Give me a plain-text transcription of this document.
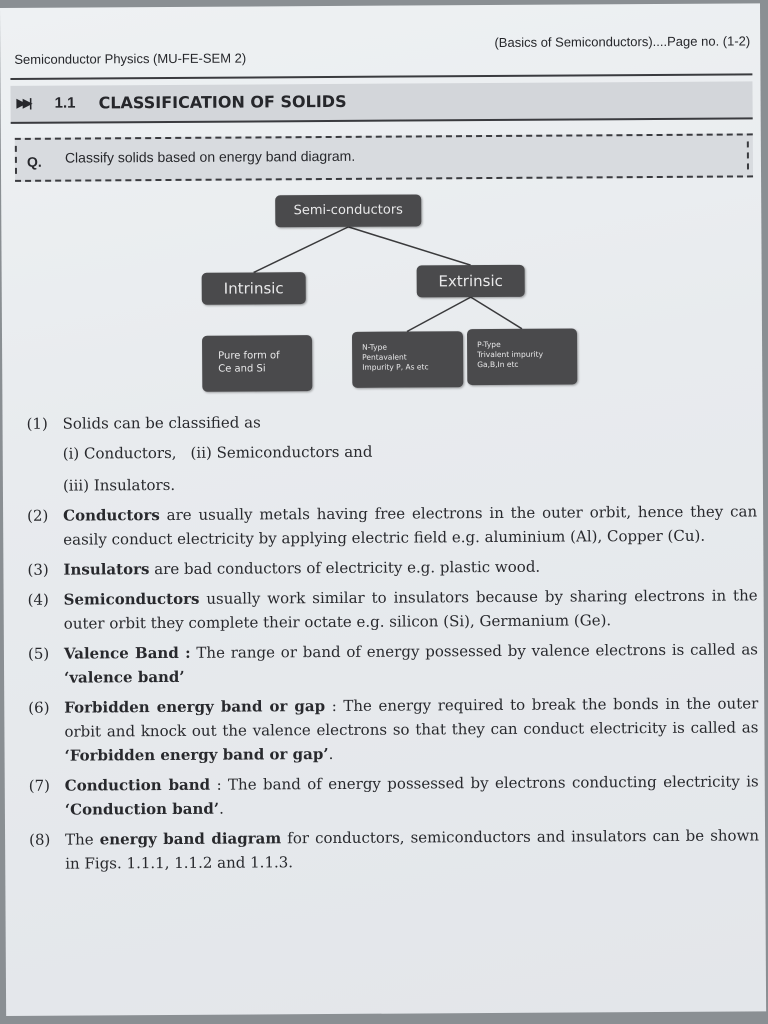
Semiconductor Physics (MU-FE-SEM 2)
(Basics of Semiconductors)....Page no. (1-2)
▶▶| 1.1 CLASSIFICATION OF SOLIDS
Q. Classify solids based on energy band diagram.
Semi-conductors
Intrinsic	Extrinsic
Pure form of
Ce and Si
N-Type
Pentavalent
Impurity P, As etc
P-Type
Trivalent impurity
Ga,B,In etc
(1) Solids can be classified as
(i) Conductors, (ii) Semiconductors and
(iii) Insulators.
(2) Conductors are usually metals having free electrons in the outer orbit, hence they can easily conduct electricity by applying electric field e.g. aluminium (Al), Copper (Cu).
(3) Insulators are bad conductors of electricity e.g. plastic wood.
(4) Semiconductors usually work similar to insulators because by sharing electrons in the outer orbit they complete their octate e.g. silicon (Si), Germanium (Ge).
(5) Valence Band : The range or band of energy possessed by valence electrons is called as ‘valence band’
(6) Forbidden energy band or gap : The energy required to break the bonds in the outer orbit and knock out the valence electrons so that they can conduct electricity is called as ‘Forbidden energy band or gap’.
(7) Conduction band : The band of energy possessed by electrons conducting electricity is ‘Conduction band’.
(8) The energy band diagram for conductors, semiconductors and insulators can be shown in Figs. 1.1.1, 1.1.2 and 1.1.3.
